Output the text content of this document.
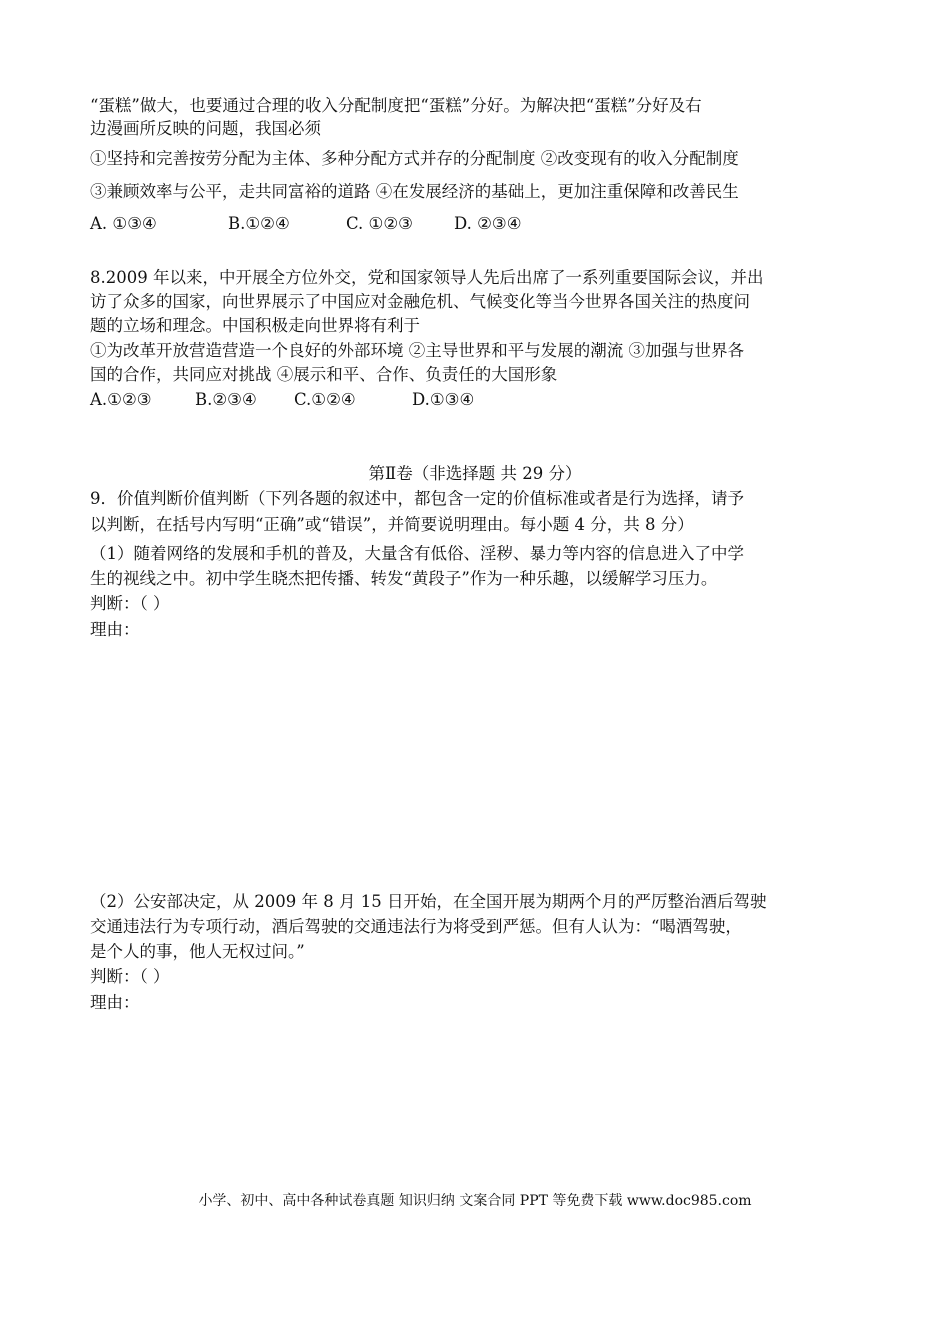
“蛋糕”做大，也要通过合理的收入分配制度把“蛋糕”分好。为解决把“蛋糕”分好及右
边漫画所反映的问题，我国必须
①坚持和完善按劳分配为主体、多种分配方式并存的分配制度 ②改变现有的收入分配制度
③兼顾效率与公平，走共同富裕的道路 ④在发展经济的基础上，更加注重保障和改善民生
A. ①③④	B.①②④	C. ①②③ D. ②③④
8.2009 年以来，中开展全方位外交，党和国家领导人先后出席了一系列重要国际会议，并出
访了众多的国家，向世界展示了中国应对金融危机、气候变化等当今世界各国关注的热度问
题的立场和理念。中国积极走向世界将有利于
①为改革开放营造营造一个良好的外部环境 ②主导世界和平与发展的潮流 ③加强与世界各
国的合作，共同应对挑战 ④展示和平、合作、负责任的大国形象
A.①②③	B.②③④ C.①②④	D.①③④
第Ⅱ卷（非选择题 共 29 分）
9．价值判断价值判断（下列各题的叙述中，都包含一定的价值标准或者是行为选择，请予
以判断，在括号内写明“正确”或“错误”，并简要说明理由。每小题 4 分，共 8 分）
（1）随着网络的发展和手机的普及，大量含有低俗、淫秽、暴力等内容的信息进入了中学
生的视线之中。初中学生晓杰把传播、转发“黄段子”作为一种乐趣，以缓解学习压力。
判断：（ ）
理由：
（2）公安部决定，从 2009 年 8 月 15 日开始，在全国开展为期两个月的严厉整治酒后驾驶
交通违法行为专项行动，酒后驾驶的交通违法行为将受到严惩。但有人认为：“喝酒驾驶，
是个人的事，他人无权过问。”
判断：（ ）
理由：
小学、初中、高中各种试卷真题 知识归纳 文案合同 PPT 等免费下载 www.doc985.com
